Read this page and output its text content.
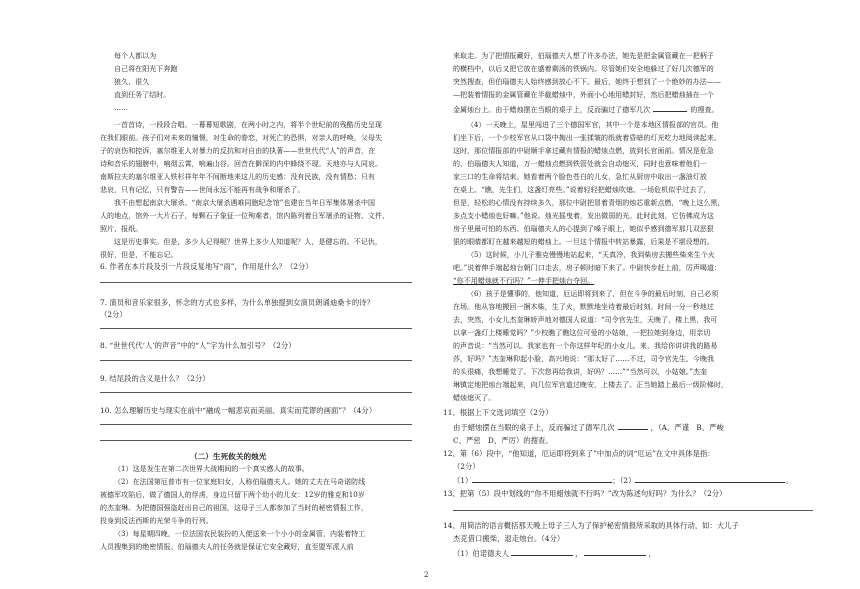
每个人都以为
自己将在阳光下奔跑
狼久、很久
直到任务了结时。
……
一首首诗，一段段合唱。一幕幕短歌剧，在两小时之内，将半个世纪前的残酷历史呈现
在我们眼前。孩子们对未来的憧憬，对生命的眷恋，对死亡的恐惧，对亲人的呼唤，父母失
子的哀伤和控诉，塞尔维亚人对暴力的反抗和对自由的执著——世世代代“人”的声音，在
诗和音乐的翅膀中，响彻云霄，响遍山谷。回音在僻深的内中蜂绕不现。天地亦与人同哀。
南斯拉夫的塞尔维亚人铁杉祥年年不间断地来这儿的历史感：没有民族，没有情愁；只有
悲哀，只有记忆，只有警告——世间永远不能再有战争和屠杀了。
我不由想起南京大屠杀。“南京大屠杀遇难同胞纪念馆”也建在当年日军集体屠杀中国
人的地点，馆外一大片石子，每颗石子象征一位殉难者，馆内陈列着日军屠杀的证物、文件、
照片、报纸。
这是历史事实。但是，多少人记得呢？世界上多少人知道呢？人，是健忘的。不记仇，
很好，但是，不能忘记。
6. 作者在本片段及引一片段反复地写“雨”，作用是什么？（2分）
7. 演员和音乐家很多，怀念的方式也多样，为什么单独提到女演员朗诵迪桑卡的诗？
（2分）
8. “世世代代‘人’的声音”中的“人”字为什么加引号？（2分）
9. 结尾段的含义是什么？（2分）
10. 怎么理解历史与现实在前中“融成一幅悲哀而美丽、真实而荒谬的画面”？（4分）
（二）生死攸关的烛光
（1）这是发生在第二次世界大战期间的一个真实感人的故事。
（2）在法国第厄普市有一位家庭妇女，人称伯瑙德夫人。她的丈夫在马奇诺防线
被德军攻陷后，做了德国人的俘虏，身边只留下两个幼小的儿女：12岁的雅克和10岁
的杰奎琳。为把德国强盗赶出自己的祖国，这母子三人都参加了当时的秘密情报工作，
投身到反法西斯的光荣斗争的行列。
（3）每星期四晚，一位法国农民装扮的人便送来一个小小的金属管，内装着特工
人员搜集到的绝密情报。伯瑙德夫人的任务就是保证它安全藏好，直至盟军派人前
来取走。为了把情报藏好，伯瑙德夫人想了许多办法，她先是把金属管藏在一把柄子
的横档中，以后又把它放在盛着剩汤的铁锅内。尽管她们安全地躲过了好几次德军的
突然搜查，但伯瑙德夫人始终感到放心不下。最后，她终于想到了一个绝妙的办法——
—把装着情报的金属管藏在半截蜡烛中，外面小心地用蜡封好，然后把蜡烛插在一个
金属烛台上。由于蜡烛摆在当眼的桌子上，反而骗过了德军几次	的搜查。
（4）一天晚上，屋里闯进了三个德国军官，其中一个是本地区情报部的官员。他
们坐下后，一个少校军官从口袋中掏出一张揉皱的纸就着昏暗的灯光吃力地阅读起来。
这时，那位情报部的中尉顺手拿过藏有情报的蜡烛点燃，放到长官面前。情况是危急
的，伯瑙德夫人知道，万一蜡烛点燃到铁管处就会自动熄灭，同时也意味着他们一
家三口的生命将结束。她看着两个脸色苍白的儿女，急忙从厨房中取出一盏油灯放
在桌上。“瞧，先生们，这盏灯亮些。”说着轻轻把蜡烛吹熄。一场危机似乎过去了，
但是，轻松的心情没有持续多久，那位中尉把冒着青烟的烛芯重新点燃，“晚上这么黑，
多点支小蜡烛也好嘛。”他说。烛光摇曳着，发出微弱的光。此时此刻，它仿佛成为这
房子里最可怕的东西。伯瑙德夫人的心提到了嗓子眼上，她似乎感到德军那几双恶狠
狠的眼睛都盯在越来越短的蜡烛上。一旦这个情报中转站暴露，后果是不堪设想的。
（5）这时候，小儿子雅克慢慢地站起来，“天真冷，我到柴房去搬些柴来生个火
吧。”说着伸手端起烛台朝门口走去，房子顿时暗下来了。中尉快步赶上前，厉声喝道：
“你不用蜡烛就不行吗？”一伸手把烛台夺回。
（6）孩子是懂事的，他知道，厄运即将到来了，但在斗争的最后时刻，自己必须
在场。他从容地搬回一捆木柴，生了火，默默地坐待着最后时刻。时间一分一秒地过
去，突然，小女儿杰奎琳娇声地对德国人说道：“司令官先生，天晚了，楼上黑，我可
以拿一盏灯上楼睡觉吗？”少校瞧了瞧这位可爱的小姑娘，一把拉她到身边，用亲切
的声音说：“当然可以。我家也有一个你这样年纪的小女儿。来，我给你讲讲我的路易
莎，好吗？”杰奎琳仰起小脸，高兴地说：“那太好了……不过，司令官先生，今晚我
的头很痛，我想睡觉了。下次您再给我讲，好吗？……”“当然可以，小姑娘。”杰奎
琳镇定地把烛台端起来，向几位军官道过晚安，上楼去了。正当她踏上最后一级阶梯时，
蜡烛熄灭了。
11、根据上下文选词填空（2分）
由于蜡烛摆在当眼的桌子上，反而骗过了德军几次	，（A、严谨　B、严峻
C、严密　D、严厉）的搜查。
12、第（6）段中，“他知道，厄运即将到来了”中加点的词“厄运”在文中具体是指：
（2分）
（1）	；（2）	。
13、把第（5）段中划线的“你不用蜡烛就不行吗？”改为陈述句好吗？为什么？（2分）
14、用简洁的语言概括那天晚上母子三人为了保护秘密情报所采取的具体行动，如：大儿子
杰克借口搬柴，退走烛台。（4分）
（1）伯诺德夫人	，	，
2
